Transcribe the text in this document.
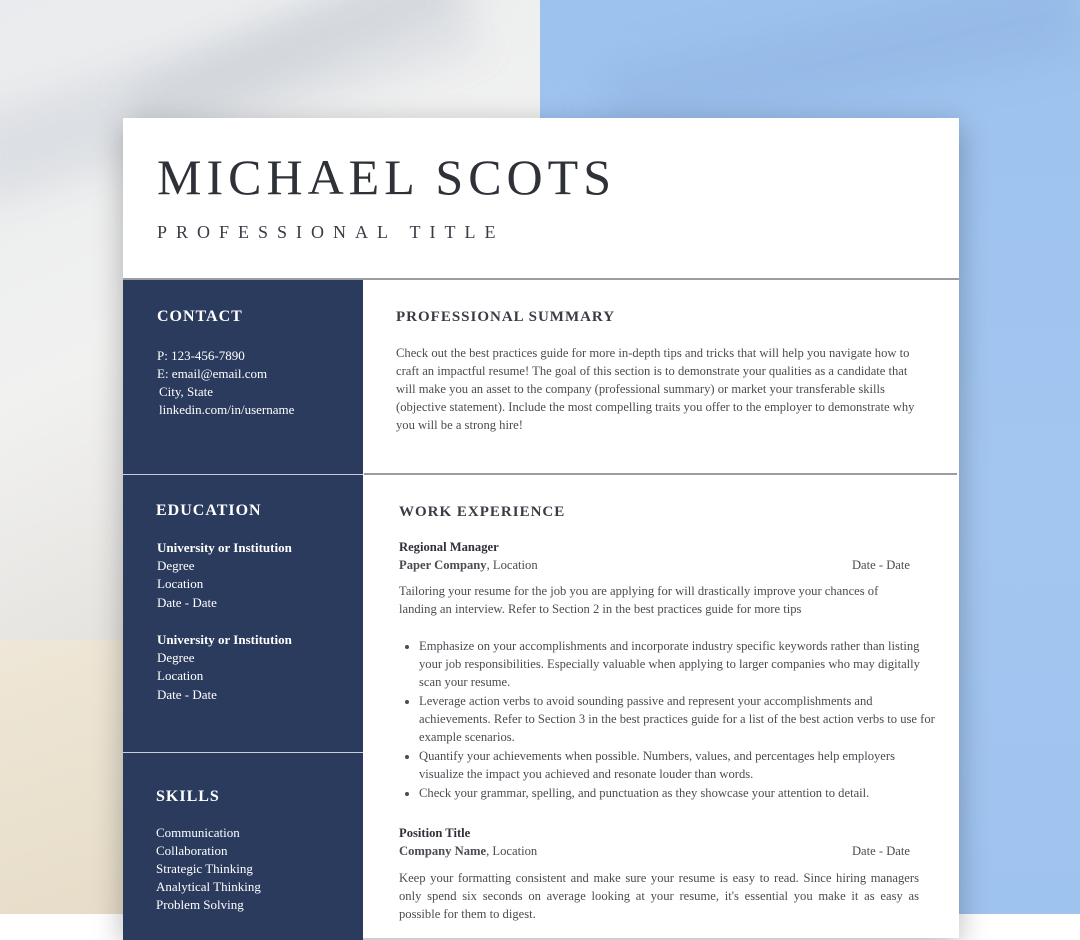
MICHAEL SCOTS
PROFESSIONAL TITLE
CONTACT
P: 123-456-7890
E: email@email.com
City, State
linkedin.com/in/username
EDUCATION
University or Institution
Degree
Location
Date - Date
University or Institution
Degree
Location
Date - Date
SKILLS
Communication
Collaboration
Strategic Thinking
Analytical Thinking
Problem Solving
PROFESSIONAL SUMMARY

Check out the best practices guide for more in-depth tips and tricks that will help you navigate how to craft an impactful resume! The goal of this section is to demonstrate your qualities as a candidate that will make you an asset to the company (professional summary) or market your transferable skills (objective statement). Include the most compelling traits you offer to the employer to demonstrate why you will be a strong hire!

WORK EXPERIENCE
Regional Manager
Paper Company, Location	Date - Date

Tailoring your resume for the job you are applying for will drastically improve your chances of landing an interview. Refer to Section 2 in the best practices guide for more tips

• Emphasize on your accomplishments and incorporate industry specific keywords rather than listing your job responsibilities. Especially valuable when applying to larger companies who may digitally scan your resume.
• Leverage action verbs to avoid sounding passive and represent your accomplishments and achievements. Refer to Section 3 in the best practices guide for a list of the best action verbs to use for example scenarios.
• Quantify your achievements when possible. Numbers, values, and percentages help employers visualize the impact you achieved and resonate louder than words.
• Check your grammar, spelling, and punctuation as they showcase your attention to detail.
Position Title
Company Name, Location	Date - Date

Keep your formatting consistent and make sure your resume is easy to read. Since hiring managers only spend six seconds on average looking at your resume, it's essential you make it as easy as possible for them to digest.
